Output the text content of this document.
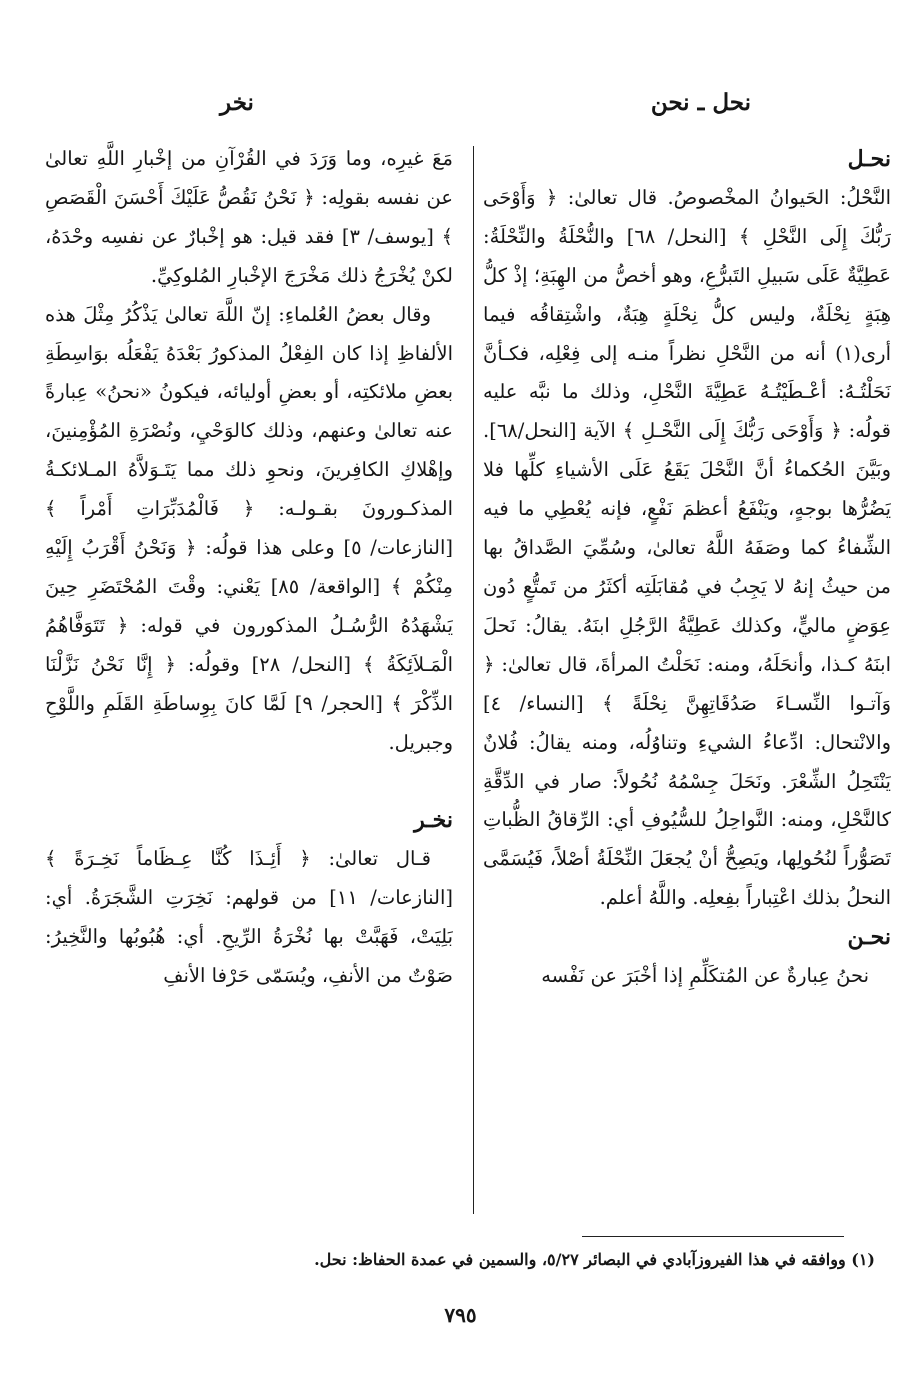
نحل ـ نحن
نخر

نحـل

النَّحْلُ: الحَيوانُ المخْصوصُ. قال تعالىٰ: ﴿ وَأَوْحَى رَبُّكَ إِلَى النَّحْلِ ﴾ [النحل/ ٦٨] والنُّحْلَةُ والنِّحْلَةُ: عَطِيَّةٌ عَلَى سَبيلِ التَبرُّعِ، وهو أخصُّ من الهِبَةِ؛ إذْ كلُّ هِبَةٍ نِحْلَةٌ، وليس كلُّ نِحْلَةٍ هِبَةٌ، واشْتِقاقُه فيما أرى(١) أنه من النَّحْلِ نظراً منـه إلى فِعْلِه، فكـأنَّ نَحَلْتُـهُ: أعْـطَيْتُـهُ عَطِيَّةَ النَّحْلِ، وذلك ما نبَّه عليه قولُه: ﴿ وَأَوْحَى رَبُّكَ إِلَى النَّحْـلِ ﴾ الآية [النحل/٦٨]. وبَيَّنَ الحُكماءُ أنَّ النَّحْلَ يَقَعُ عَلَى الأشياءِ كلِّها فلا يَضُرُّها بوجهٍ، ويَنْفَعُ أعظمَ نَفْعٍ، فإنه يُعْطِي ما فيه الشِّفاءُ كما وصَفَهُ اللَّهُ تعالىٰ، وسُمِّيَ الصَّداقُ بها من حيثُ إنهُ لا يَجِبُ في مُقابَلَتِه أكثَرُ من تَمتُّعٍ دُون عِوَضٍ ماليٍّ، وكذلك عَطِيَّةُ الرَّجُلِ ابنَهُ. يقالُ: نَحلَ ابنَهُ كـذا، وأنحَلَهُ، ومنه: نَحَلْتُ المرأةَ، قال تعالىٰ: ﴿ وَآتـوا النِّسـاءَ صَدُقَاتِهِنَّ نِحْلَةً ﴾ [النساء/ ٤] والانْتحال: ادِّعاءُ الشيءِ وتناوُلُه، ومنه يقالُ: فُلانٌ يَنْتَحِلُ الشِّعْرَ. ونَحَلَ جِسْمُهُ نُحُولاً: صار في الدِّقَّةِ كالنَّحْلِ، ومنه: النَّواحِلُ للسُّيُوفِ أي: الرِّقاقُ الظُّباتِ تَصَوُّراً لنُحُولِها، ويَصِحُّ أنْ يُجعَلَ النِّحْلَةُ أصْلاً، فَيُسَمَّى النحلُ بذلك اعْتِباراً بفِعلِه. واللَّهُ أعلم.

نحـن

نحنُ عِبارةٌ عن المُتكَلِّمِ إذا أخْبَرَ عن نَفْسه

مَعَ غيرِه، وما وَرَدَ في القُرْآنِ من إخْبارِ اللَّهِ تعالىٰ عن نفسه بقولِه: ﴿ نَحْنُ نَقُصُّ عَلَيْكَ أَحْسَنَ الْقَصَصِ ﴾ [يوسف/ ٣] فقد قيل: هو إخْبارٌ عن نفسِه وحْدَهُ، لكنْ يُخْرَجُ ذلك مَخْرَجَ الإخْبارِ المُلوكِيِّ.

وقال بعضُ العُلماءِ: إنّ اللَّهَ تعالىٰ يَذْكُرُ مِثْلَ هذه الألفاظِ إذا كان الفِعْلُ المذكورُ بَعْدَهُ يَفْعَلُه بوَاسِطَةِ بعضِ ملائكتِه، أو بعضِ أوليائه، فيكونُ «نحنُ» عِبارةً عنه تعالىٰ وعنهم، وذلك كالوَحْيِ، ونُصْرَةِ المُؤْمِنينَ، وإهْلاكِ الكافِرينَ، ونحوِ ذلك مما يَتَـوَلاَّهُ المـلائكـةُ المذكـورونَ بقـولـه: ﴿ فَالْمُدَبِّرَاتِ أَمْراً ﴾ [النازعات/ ٥] وعلى هذا قولُه: ﴿ وَنَحْنُ أَقْرَبُ إِلَيْهِ مِنْكُمْ ﴾ [الواقعة/ ٨٥] يَعْني: وقْتَ المُحْتَضَرِ حِينَ يَشْهَدُهُ الرُّسُـلُ المذكورون في قوله: ﴿ تَتَوَفَّاهُمُ الْمَـلاَئِكَةُ ﴾ [النحل/ ٢٨] وقولُه: ﴿ إِنَّا نَحْنُ نَزَّلْنَا الذِّكْرَ ﴾ [الحجر/ ٩] لَمَّا كانَ بِوِساطَةِ القَلَمِ واللَّوْحِ وجبريل.

نخـر

قـال تعالىٰ: ﴿ أَئِـذَا كُنَّا عِـظَاماً نَخِـرَةً ﴾ [النازعات/ ١١] من قولهم: نَخِرَتِ الشَّجَرَةُ. أي: بَلِيَتْ، فَهَبَّتْ بها نُخْرَةُ الرِّيحِ. أي: هُبُوبُها والنَّخِيرُ: صَوْتٌ من الأنفِ، ويُسَمّى حَرْفا الأنفِ

(١) ووافقه في هذا الفيروزآبادي في البصائر ٥/٢٧، والسمين في عمدة الحفاظ: نحل.
٧٩٥
